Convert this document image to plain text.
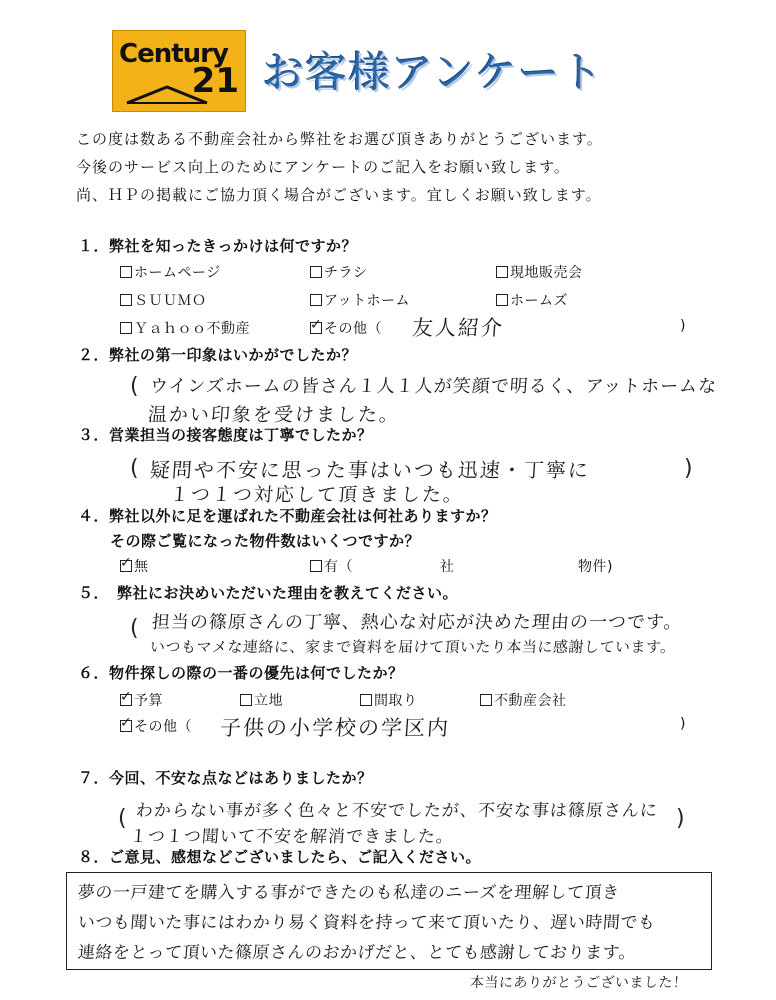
Century
21 お客様アンケート
この度は数ある不動産会社から弊社をお選び頂きありがとうございます。
今後のサービス向上のためにアンケートのご記入をお願い致します。
尚、ＨＰの掲載にご協力頂く場合がございます。宜しくお願い致します。
１．弊社を知ったきっかけは何ですか？
ホームページ	チラシ	現地販売会
ＳＵＵＭＯ	アットホーム	ホームズ
Ｙａｈｏｏ不動産
✓	その他（ 友人紹介	)
２．弊社の第一印象はいかがでしたか？
( ウインズホームの皆さん１人１人が笑顔で明るく、アットホームな
温かい印象を受けました。
３．営業担当の接客態度は丁寧でしたか？
( 疑問や不安に思った事はいつも迅速・丁寧に	)
１つ１つ対応して頂きました。
４．弊社以外に足を運ばれた不動産会社は何社ありますか？
その際ご覧になった物件数はいくつですか？
✓無	有（	社	物件)
５．　弊社にお決めいただいた理由を教えてください。
( 担当の篠原さんの丁寧、熱心な対応が決めた理由の一つです。
いつもマメな連絡に、家まで資料を届けて頂いたり本当に感謝しています。
６．物件探しの際の一番の優先は何でしたか？
✓予算	立地	間取り	不動産会社
✓その他（ 子供の小学校の学区内	)
７．今回、不安な点などはありましたか？
( わからない事が多く色々と不安でしたが、不安な事は篠原さんに )
１つ１つ聞いて不安を解消できました。
８．ご意見、感想などございましたら、ご記入ください。
夢の一戸建てを購入する事ができたのも私達のニーズを理解して頂き
いつも聞いた事にはわかり易く資料を持って来て頂いたり、遅い時間でも
連絡をとって頂いた篠原さんのおかげだと、とても感謝しております。
本当にありがとうございました！
